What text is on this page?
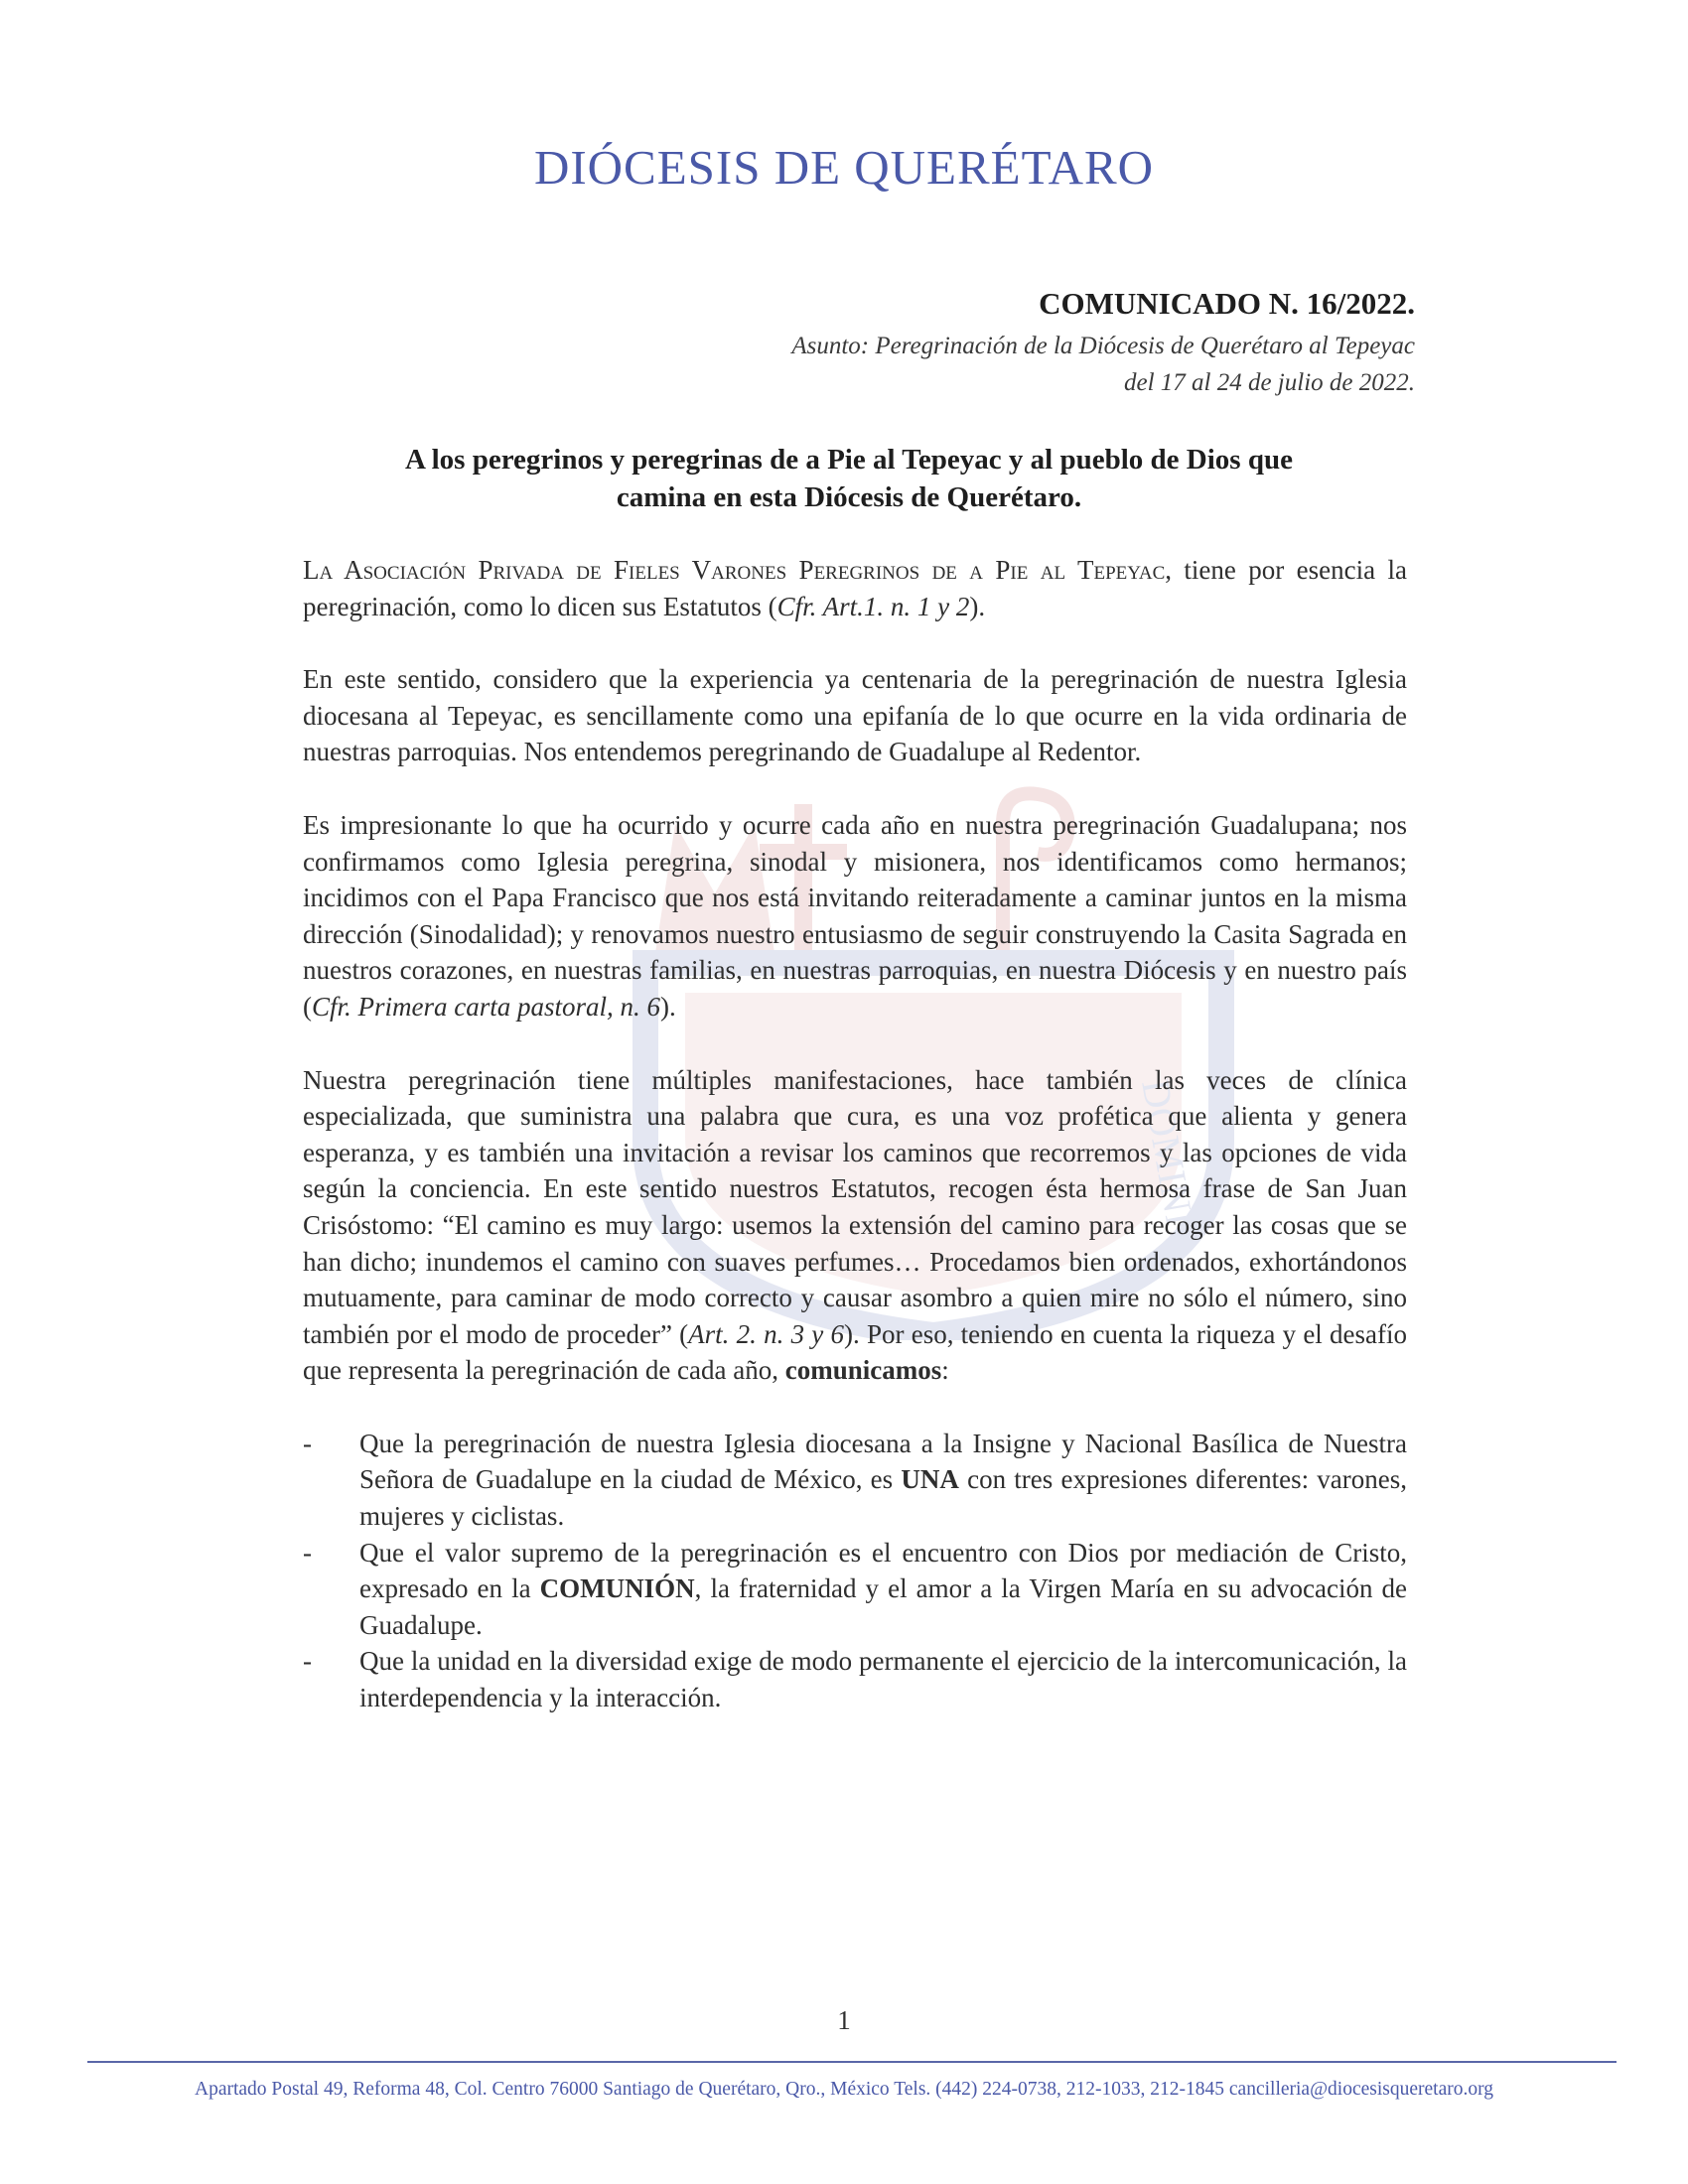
DOMINI
DIÓCESIS DE QUERÉTARO
COMUNICADO N. 16/2022.
Asunto: Peregrinación de la Diócesis de Querétaro al Tepeyac
del 17 al 24 de julio de 2022.
A los peregrinos y peregrinas de a Pie al Tepeyac y al pueblo de Dios que
camina en esta Diócesis de Querétaro.

La Asociación Privada de Fieles Varones Peregrinos de a Pie al Tepeyac, tiene por esencia la peregrinación, como lo dicen sus Estatutos (Cfr. Art.1. n. 1 y 2).

En este sentido, considero que la experiencia ya centenaria de la peregrinación de nuestra Iglesia diocesana al Tepeyac, es sencillamente como una epifanía de lo que ocurre en la vida ordinaria de nuestras parroquias. Nos entendemos peregrinando de Guadalupe al Redentor.

Es impresionante lo que ha ocurrido y ocurre cada año en nuestra peregrinación Guadalupana; nos confirmamos como Iglesia peregrina, sinodal y misionera, nos identificamos como hermanos; incidimos con el Papa Francisco que nos está invitando reiteradamente a caminar juntos en la misma dirección (Sinodalidad); y renovamos nuestro entusiasmo de seguir construyendo la Casita Sagrada en nuestros corazones, en nuestras familias, en nuestras parroquias, en nuestra Diócesis y en nuestro país (Cfr. Primera carta pastoral, n. 6).

Nuestra peregrinación tiene múltiples manifestaciones, hace también las veces de clínica especializada, que suministra una palabra que cura, es una voz profética que alienta y genera esperanza, y es también una invitación a revisar los caminos que recorremos y las opciones de vida según la conciencia. En este sentido nuestros Estatutos, recogen ésta hermosa frase de San Juan Crisóstomo: “El camino es muy largo: usemos la extensión del camino para recoger las cosas que se han dicho; inundemos el camino con suaves perfumes… Procedamos bien ordenados, exhortándonos mutuamente, para caminar de modo correcto y causar asombro a quien mire no sólo el número, sino también por el modo de proceder” (Art. 2. n. 3 y 6). Por eso, teniendo en cuenta la riqueza y el desafío que representa la peregrinación de cada año, comunicamos:

- Que la peregrinación de nuestra Iglesia diocesana a la Insigne y Nacional Basílica de Nuestra Señora de Guadalupe en la ciudad de México, es UNA con tres expresiones diferentes: varones, mujeres y ciclistas.
- Que el valor supremo de la peregrinación es el encuentro con Dios por mediación de Cristo, expresado en la COMUNIÓN, la fraternidad y el amor a la Virgen María en su advocación de Guadalupe.
- Que la unidad en la diversidad exige de modo permanente el ejercicio de la intercomunicación, la interdependencia y la interacción.
1
Apartado Postal 49, Reforma 48, Col. Centro 76000 Santiago de Querétaro, Qro., México Tels. (442) 224-0738, 212-1033, 212-1845 cancilleria@diocesisqueretaro.org
